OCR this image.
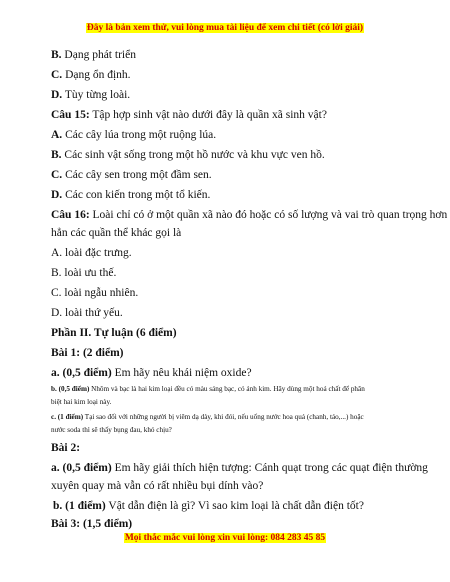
Đây là bản xem thử, vui lòng mua tài liệu để xem chi tiết (có lời giải)
B. Dạng phát triển
C. Dạng ổn định.
D. Tùy từng loài.
Câu 15: Tập hợp sinh vật nào dưới đây là quần xã sinh vật?
A. Các cây lúa trong một ruộng lúa.
B. Các sinh vật sống trong một hồ nước và khu vực ven hồ.
C. Các cây sen trong một đầm sen.
D. Các con kiến trong một tổ kiến.
Câu 16: Loài chỉ có ở một quần xã nào đó hoặc có số lượng và vai trò quan trọng hơn
hẳn các quần thể khác gọi là
A. loài đặc trưng.
B. loài ưu thế.
C. loài ngẫu nhiên.
D. loài thứ yếu.
Phần II. Tự luận (6 điểm)
Bài 1: (2 điểm)
a. (0,5 điểm) Em hãy nêu khái niệm oxide?
b. (0,5 điểm) Nhôm và bạc là hai kim loại đều có màu sáng bạc, có ánh kim. Hãy dùng một hoá chất để phân
biệt hai kim loại này.
c. (1 điểm) Tại sao đối với những người bị viêm dạ dày, khi đói, nếu uống nước hoa quả (chanh, táo,...) hoặc
nước soda thì sẽ thấy bụng đau, khó chịu?
Bài 2:
a. (0,5 điểm) Em hãy giải thích hiện tượng: Cánh quạt trong các quạt điện thường
xuyên quay mà vẫn có rất nhiều bụi dính vào?
b. (1 điểm) Vật dẫn điện là gì? Vì sao kim loại là chất dẫn điện tốt?
Bài 3: (1,5 điểm)
Mọi thắc mắc vui lòng xin vui lòng: 084 283 45 85
